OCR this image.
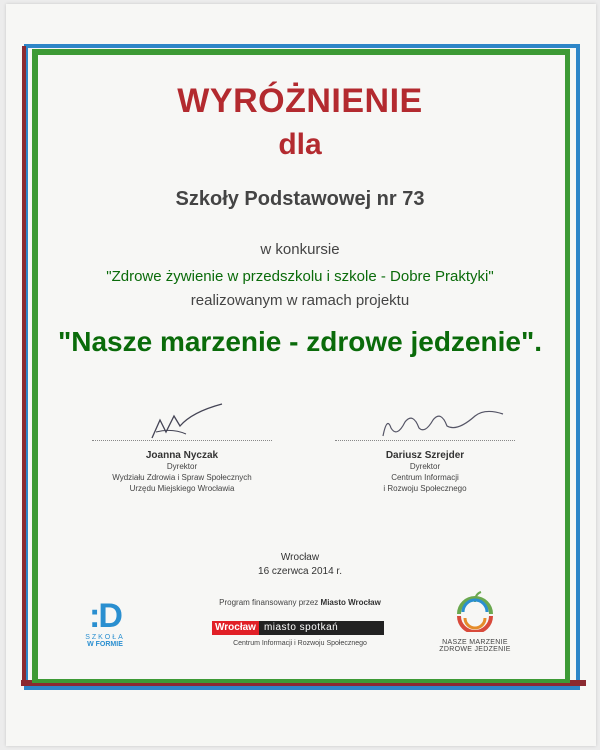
WYRÓŻNIENIE
dla
Szkoły Podstawowej nr 73
w konkursie
"Zdrowe żywienie w przedszkolu i szkole - Dobre Praktyki"
realizowanym w ramach projektu
"Nasze marzenie - zdrowe jedzenie".
Joanna Nyczak
Dyrektor
Wydziału Zdrowia i Spraw Społecznych
Urzędu Miejskiego Wrocławia
Dariusz Szrejder
Dyrektor
Centrum Informacji
i Rozwoju Społecznego
Wrocław
16 czerwca 2014 r.
Program finansowany przez Miasto Wrocław
Wrocław miasto spotkań
Centrum Informacji i Rozwoju Społecznego
:D
SZKOŁA
W FORMIE	NASZE MARZENIE
ZDROWE JEDZENIE
